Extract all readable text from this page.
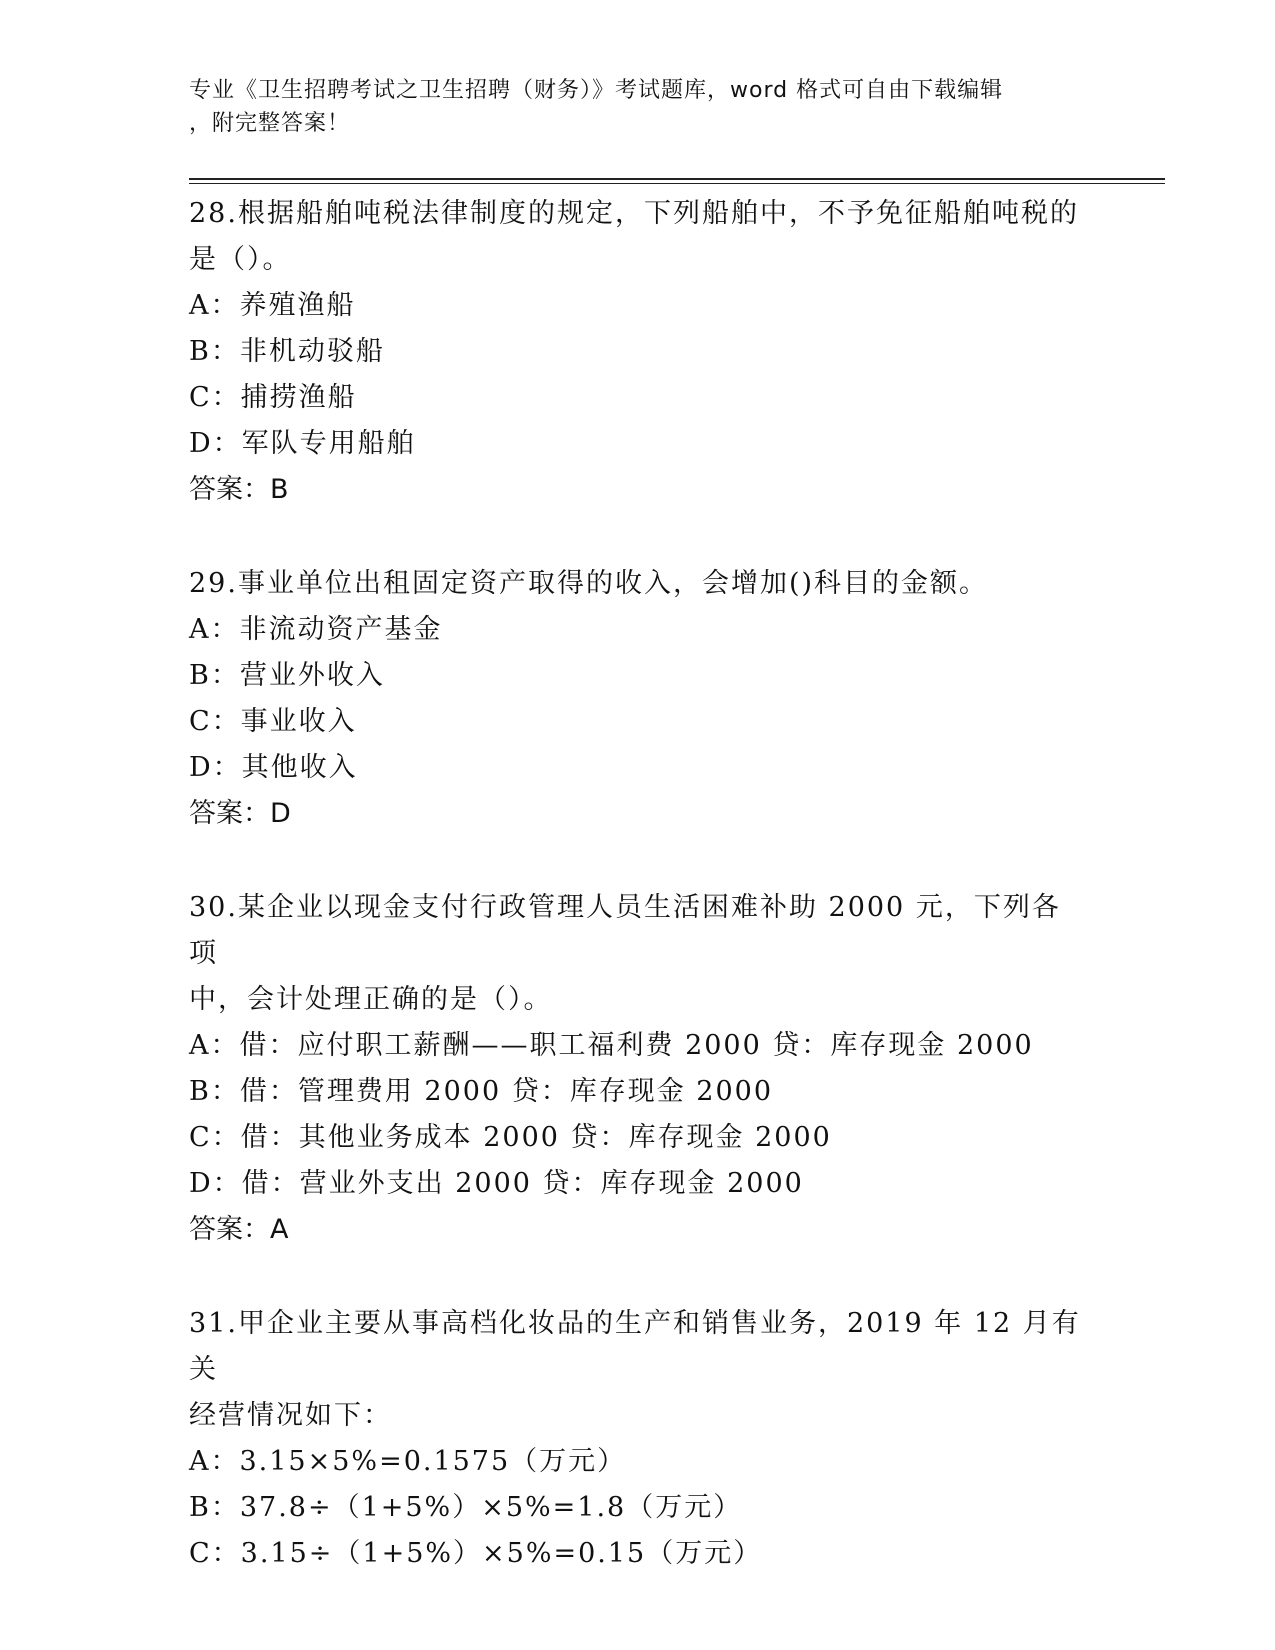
专业《卫生招聘考试之卫生招聘（财务）》考试题库，word 格式可自由下载编辑
，附完整答案！

28.根据船舶吨税法律制度的规定，下列船舶中，不予免征船舶吨税的

是（）。

A：养殖渔船

B：非机动驳船

C：捕捞渔船

D：军队专用船舶

答案：B

29.事业单位出租固定资产取得的收入，会增加()科目的金额。

A：非流动资产基金

B：营业外收入

C：事业收入

D：其他收入

答案：D

30.某企业以现金支付行政管理人员生活困难补助 2000 元，下列各项

中，会计处理正确的是（）。

A：借：应付职工薪酬——职工福利费 2000 贷：库存现金 2000

B：借：管理费用 2000 贷：库存现金 2000

C：借：其他业务成本 2000 贷：库存现金 2000

D：借：营业外支出 2000 贷：库存现金 2000

答案：A

31.甲企业主要从事高档化妆品的生产和销售业务，2019 年 12 月有关

经营情况如下：

A：3.15×5%=0.1575（万元）

B：37.8÷（1+5%）×5%=1.8（万元）

C：3.15÷（1+5%）×5%=0.15（万元）
